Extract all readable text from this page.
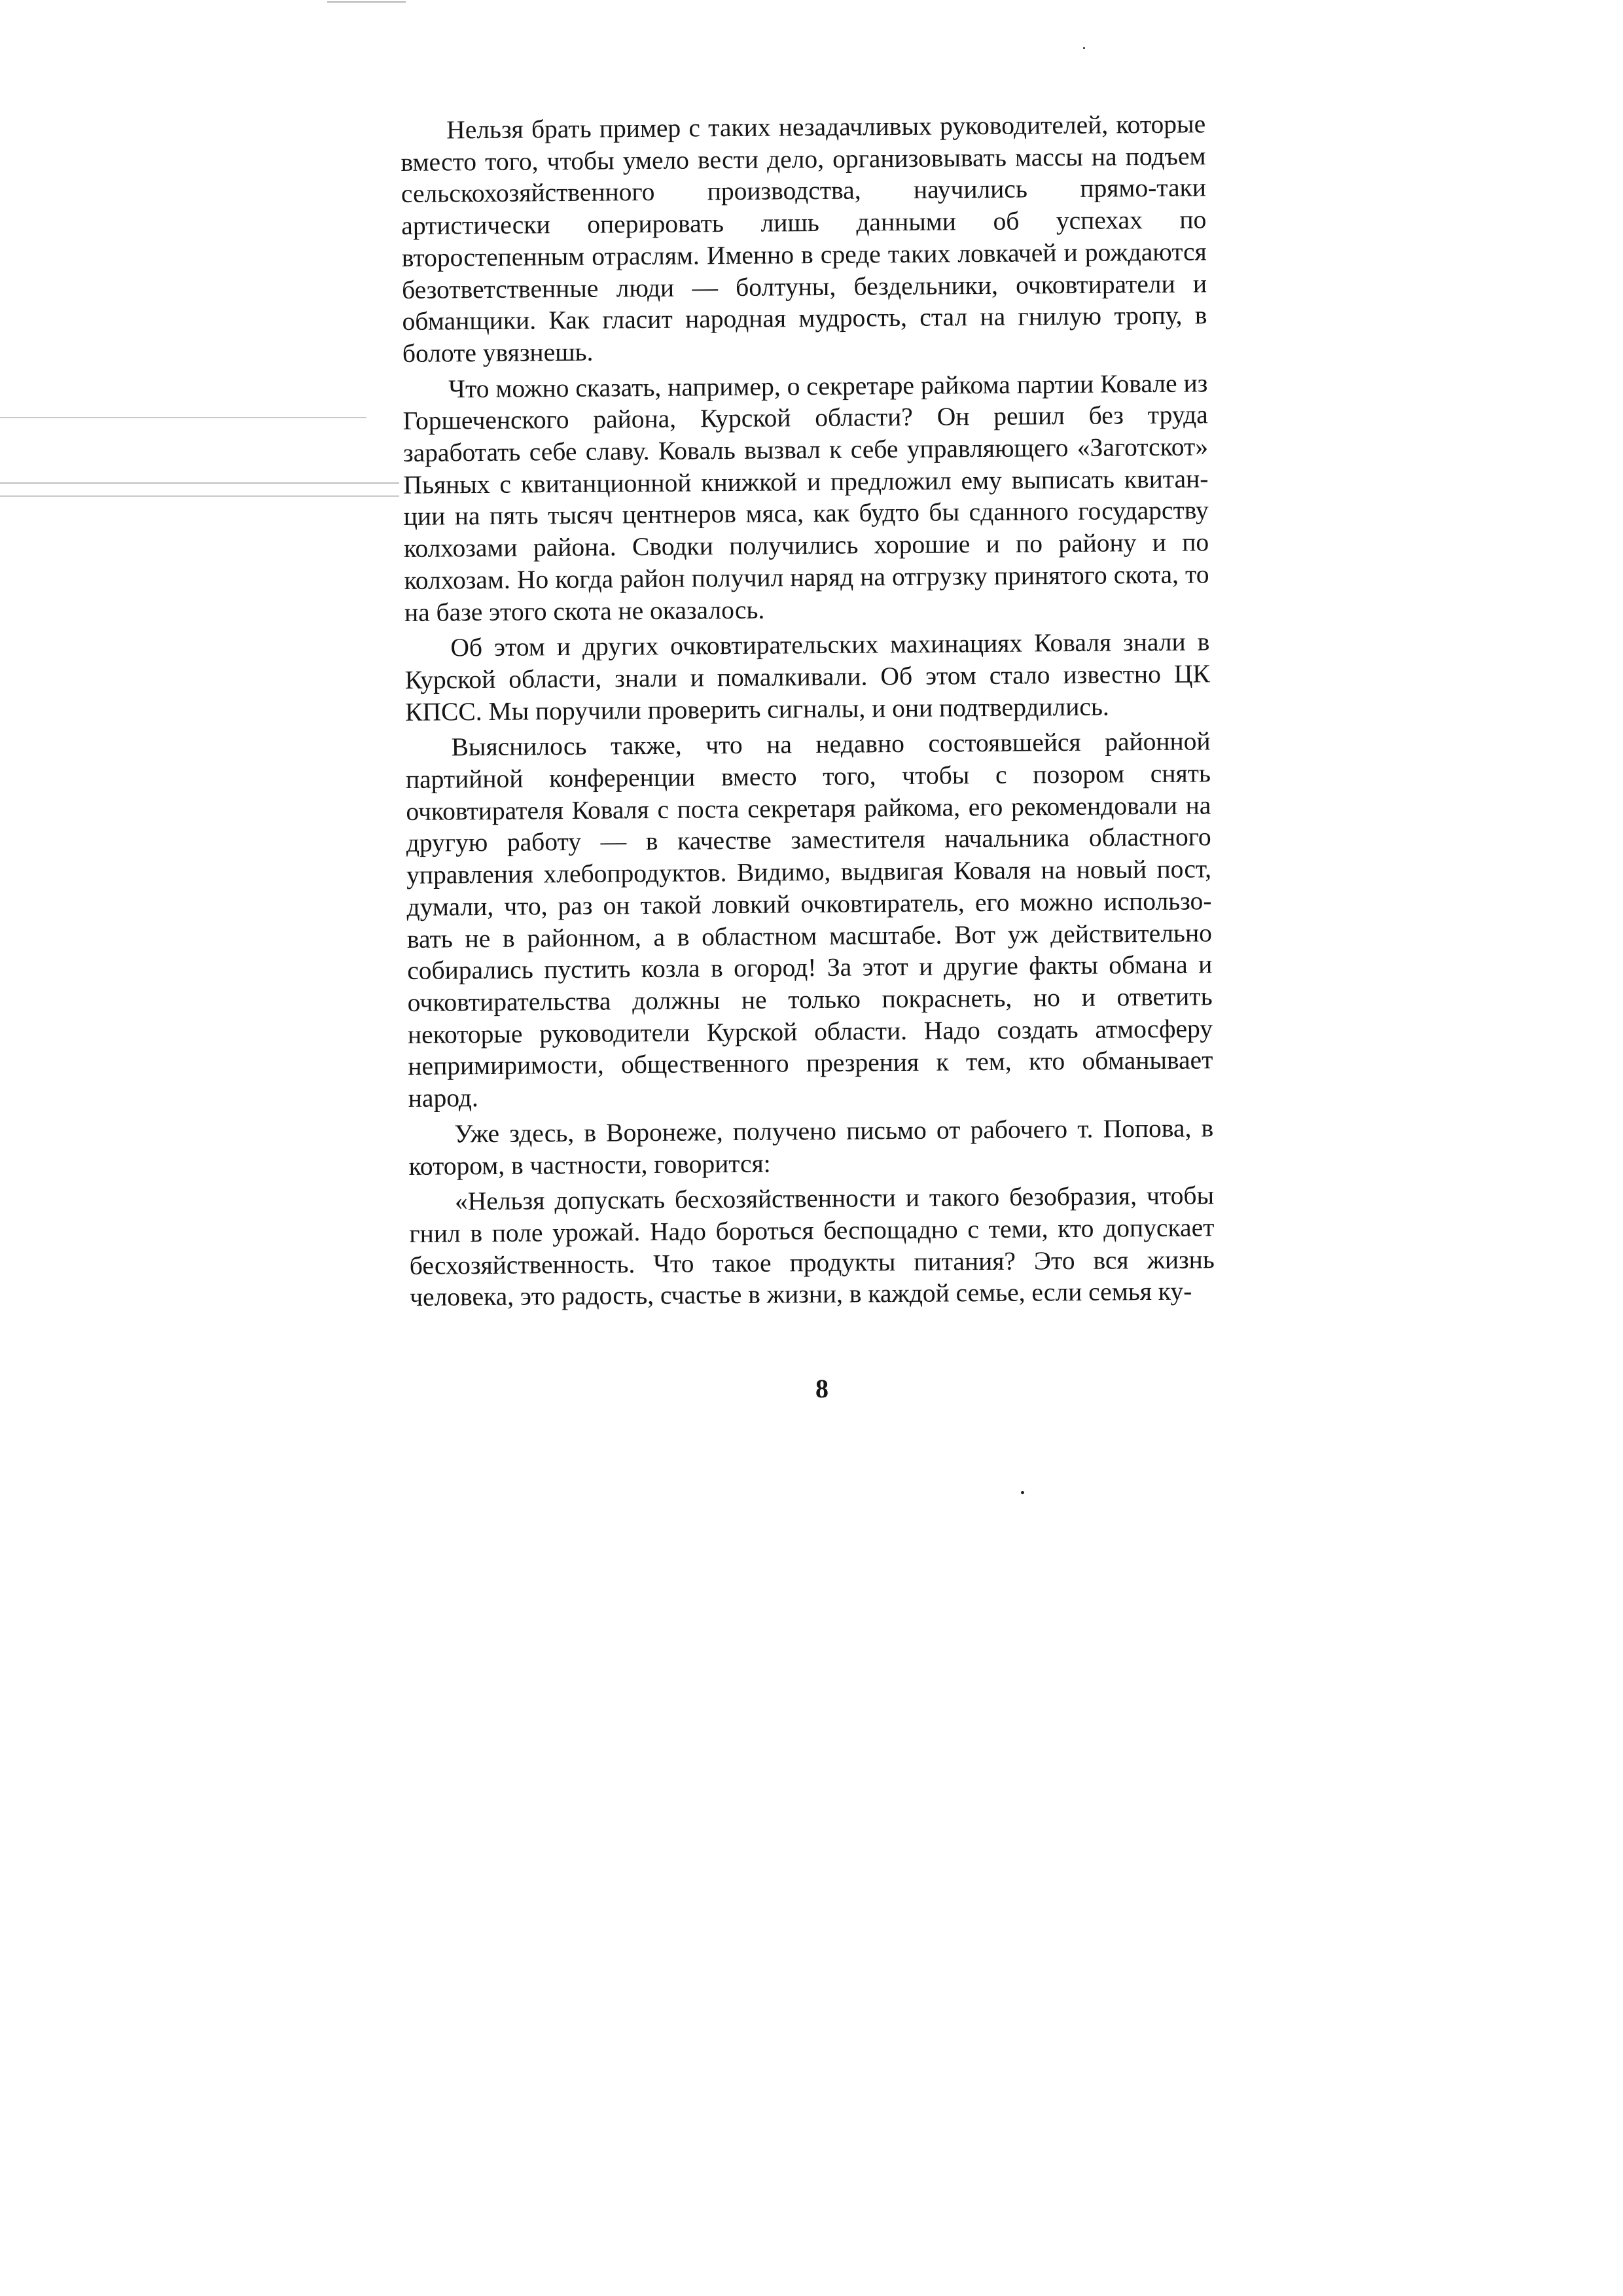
Нельзя брать пример с таких незадачливых руководителей, которые вместо того, чтобы умело вести дело, организовывать массы на подъем сельскохозяйственного производства, научились прямо-таки артистически оперировать лишь данными об успехах по второстепенным отраслям. Именно в среде таких ловкачей и рождаются безответственные люди — болтуны, бездельники, очковтиратели и обманщики. Как гласит народная мудрость, стал на гнилую тропу, в болоте увязнешь.

Что можно сказать, например, о секретаре райкома партии Ковале из Горшеченского района, Курской области? Он решил без труда заработать себе славу. Коваль вызвал к себе управляющего «Заготскот» Пьяных с квитанционной книжкой и предложил ему выписать квитанции на пять тысяч центнеров мяса, как будто бы сданного государству колхозами района. Сводки получились хорошие и по району и по колхозам. Но когда район получил наряд на отгрузку принятого скота, то на базе этого скота не оказалось.

Об этом и других очковтирательских махинациях Коваля знали в Курской области, знали и помалкивали. Об этом стало известно ЦК КПСС. Мы поручили проверить сигналы, и они подтвердились.

Выяснилось также, что на недавно состоявшейся районной партийной конференции вместо того, чтобы с позором снять очковтирателя Коваля с поста секретаря райкома, его рекомендовали на другую работу — в качестве заместителя начальника областного управления хлебопродуктов. Видимо, выдвигая Коваля на новый пост, думали, что, раз он такой ловкий очковтиратель, его можно использовать не в районном, а в областном масштабе. Вот уж действительно собирались пустить козла в огород! За этот и другие факты обмана и очковтирательства должны не только покраснеть, но и ответить некоторые руководители Курской области. Надо создать атмосферу непримиримости, общественного презрения к тем, кто обманывает народ.

Уже здесь, в Воронеже, получено письмо от рабочего т. Попова, в котором, в частности, говорится:

«Нельзя допускать бесхозяйственности и такого безобразия, чтобы гнил в поле урожай. Надо бороться беспощадно с теми, кто допускает бесхозяйственность. Что такое продукты питания? Это вся жизнь человека, это радость, счастье в жизни, в каждой семье, если семья ку-

8
